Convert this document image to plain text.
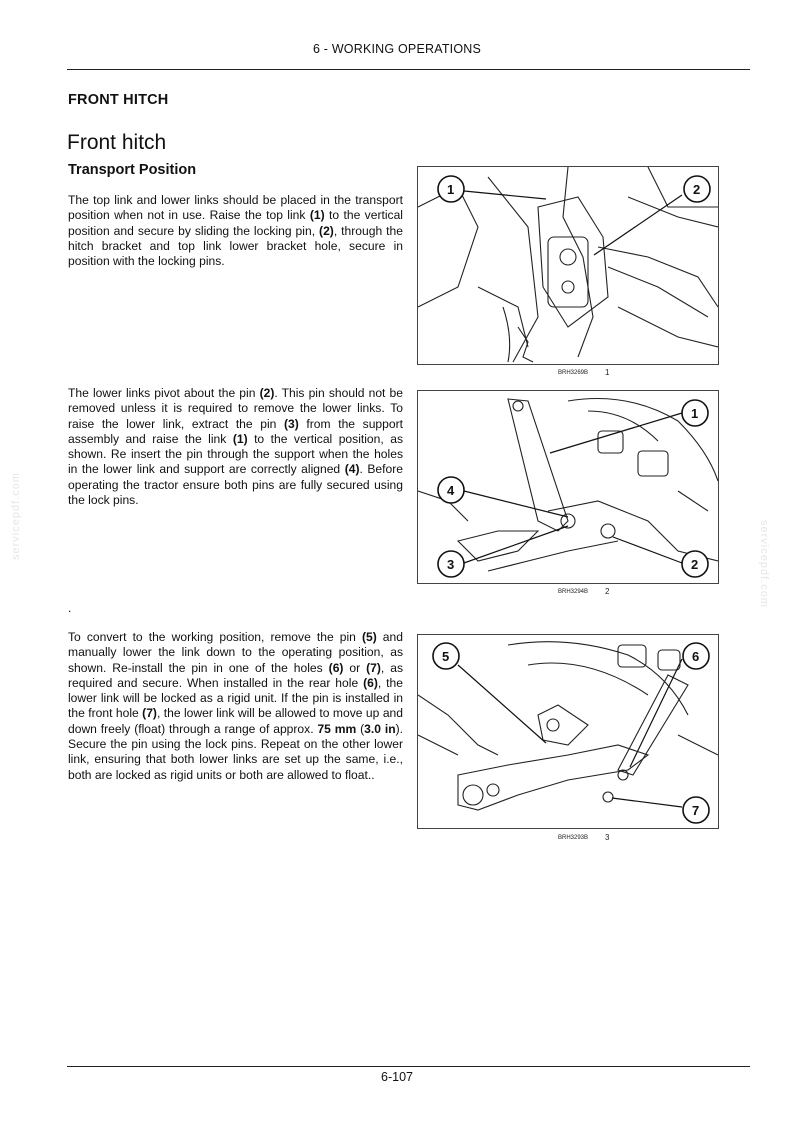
6 - WORKING OPERATIONS
FRONT HITCH
Front hitch
Transport Position
The top link and lower links should be placed in the transport position when not in use. Raise the top link (1) to the vertical position and secure by sliding the locking pin, (2), through the hitch bracket and top link lower bracket hole, secure in position with the locking pins.
The lower links pivot about the pin (2). This pin should not be removed unless it is required to remove the lower links. To raise the lower link, extract the pin (3) from the support assembly and raise the link (1) to the vertical position, as shown. Re insert the pin through the support when the holes in the lower link and support are correctly aligned (4). Before operating the tractor ensure both pins are fully secured using the lock pins.
.
To convert to the working position, remove the pin (5) and manually lower the link down to the operating position, as shown. Re-install the pin in one of the holes (6) or (7), as required and secure. When installed in the rear hole (6), the lower link will be locked as a rigid unit. If the pin is installed in the front hole (7), the lower link will be allowed to move up and down freely (float) through a range of approx. 75 mm (3.0 in). Secure the pin using the lock pins. Repeat on the other lower link, ensuring that both lower links are set up the same, i.e., both are locked as rigid units or both are allowed to float..
1	2
BRH3269B 1
1
4
3	2
BRH3294B 2
5	6
7
BRH3293B 3
servicepdf.com
servicepdf.com
6-107
